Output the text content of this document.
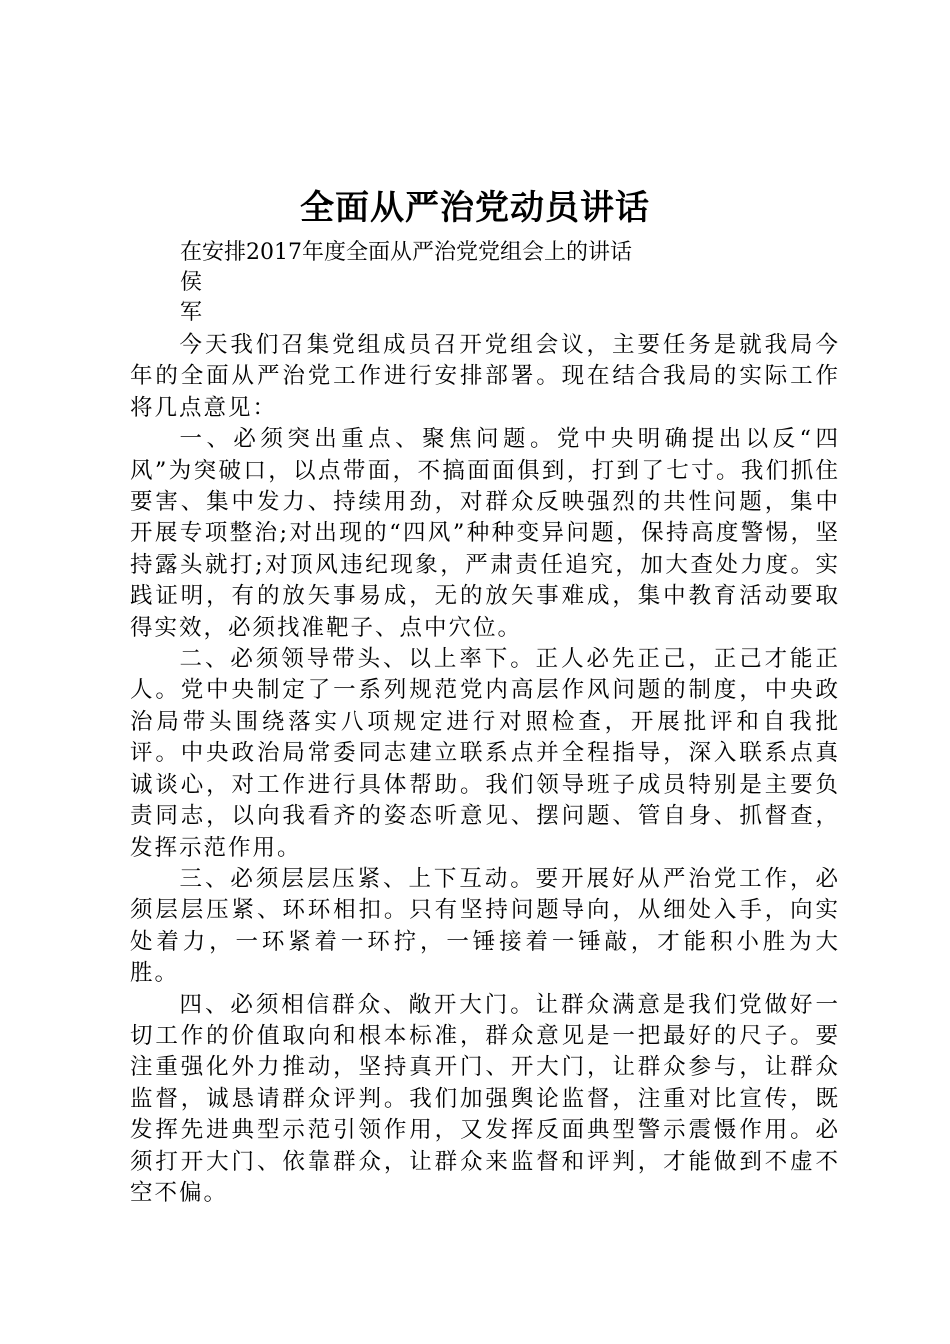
全面从严治党动员讲话
在安排2017年度全面从严治党党组会上的讲话
侯
军

今天我们召集党组成员召开党组会议，主要任务是就我局今年的全面从严治党工作进行安排部署。现在结合我局的实际工作将几点意见：

一、必须突出重点、聚焦问题。党中央明确提出以反“四风”为突破口，以点带面，不搞面面俱到，打到了七寸。我们抓住要害、集中发力、持续用劲，对群众反映强烈的共性问题，集中开展专项整治;对出现的“四风”种种变异问题，保持高度警惕，坚持露头就打;对顶风违纪现象，严肃责任追究，加大查处力度。实践证明，有的放矢事易成，无的放矢事难成，集中教育活动要取得实效，必须找准靶子、点中穴位。

二、必须领导带头、以上率下。正人必先正己，正己才能正人。党中央制定了一系列规范党内高层作风问题的制度，中央政治局带头围绕落实八项规定进行对照检查，开展批评和自我批评。中央政治局常委同志建立联系点并全程指导，深入联系点真诚谈心，对工作进行具体帮助。我们领导班子成员特别是主要负责同志，以向我看齐的姿态听意见、摆问题、管自身、抓督查，发挥示范作用。

三、必须层层压紧、上下互动。要开展好从严治党工作，必须层层压紧、环环相扣。只有坚持问题导向，从细处入手，向实处着力，一环紧着一环拧，一锤接着一锤敲，才能积小胜为大胜。

四、必须相信群众、敞开大门。让群众满意是我们党做好一切工作的价值取向和根本标准，群众意见是一把最好的尺子。要注重强化外力推动，坚持真开门、开大门，让群众参与，让群众监督，诚恳请群众评判。我们加强舆论监督，注重对比宣传，既发挥先进典型示范引领作用，又发挥反面典型警示震慑作用。必须打开大门、依靠群众，让群众来监督和评判，才能做到不虚不空不偏。
